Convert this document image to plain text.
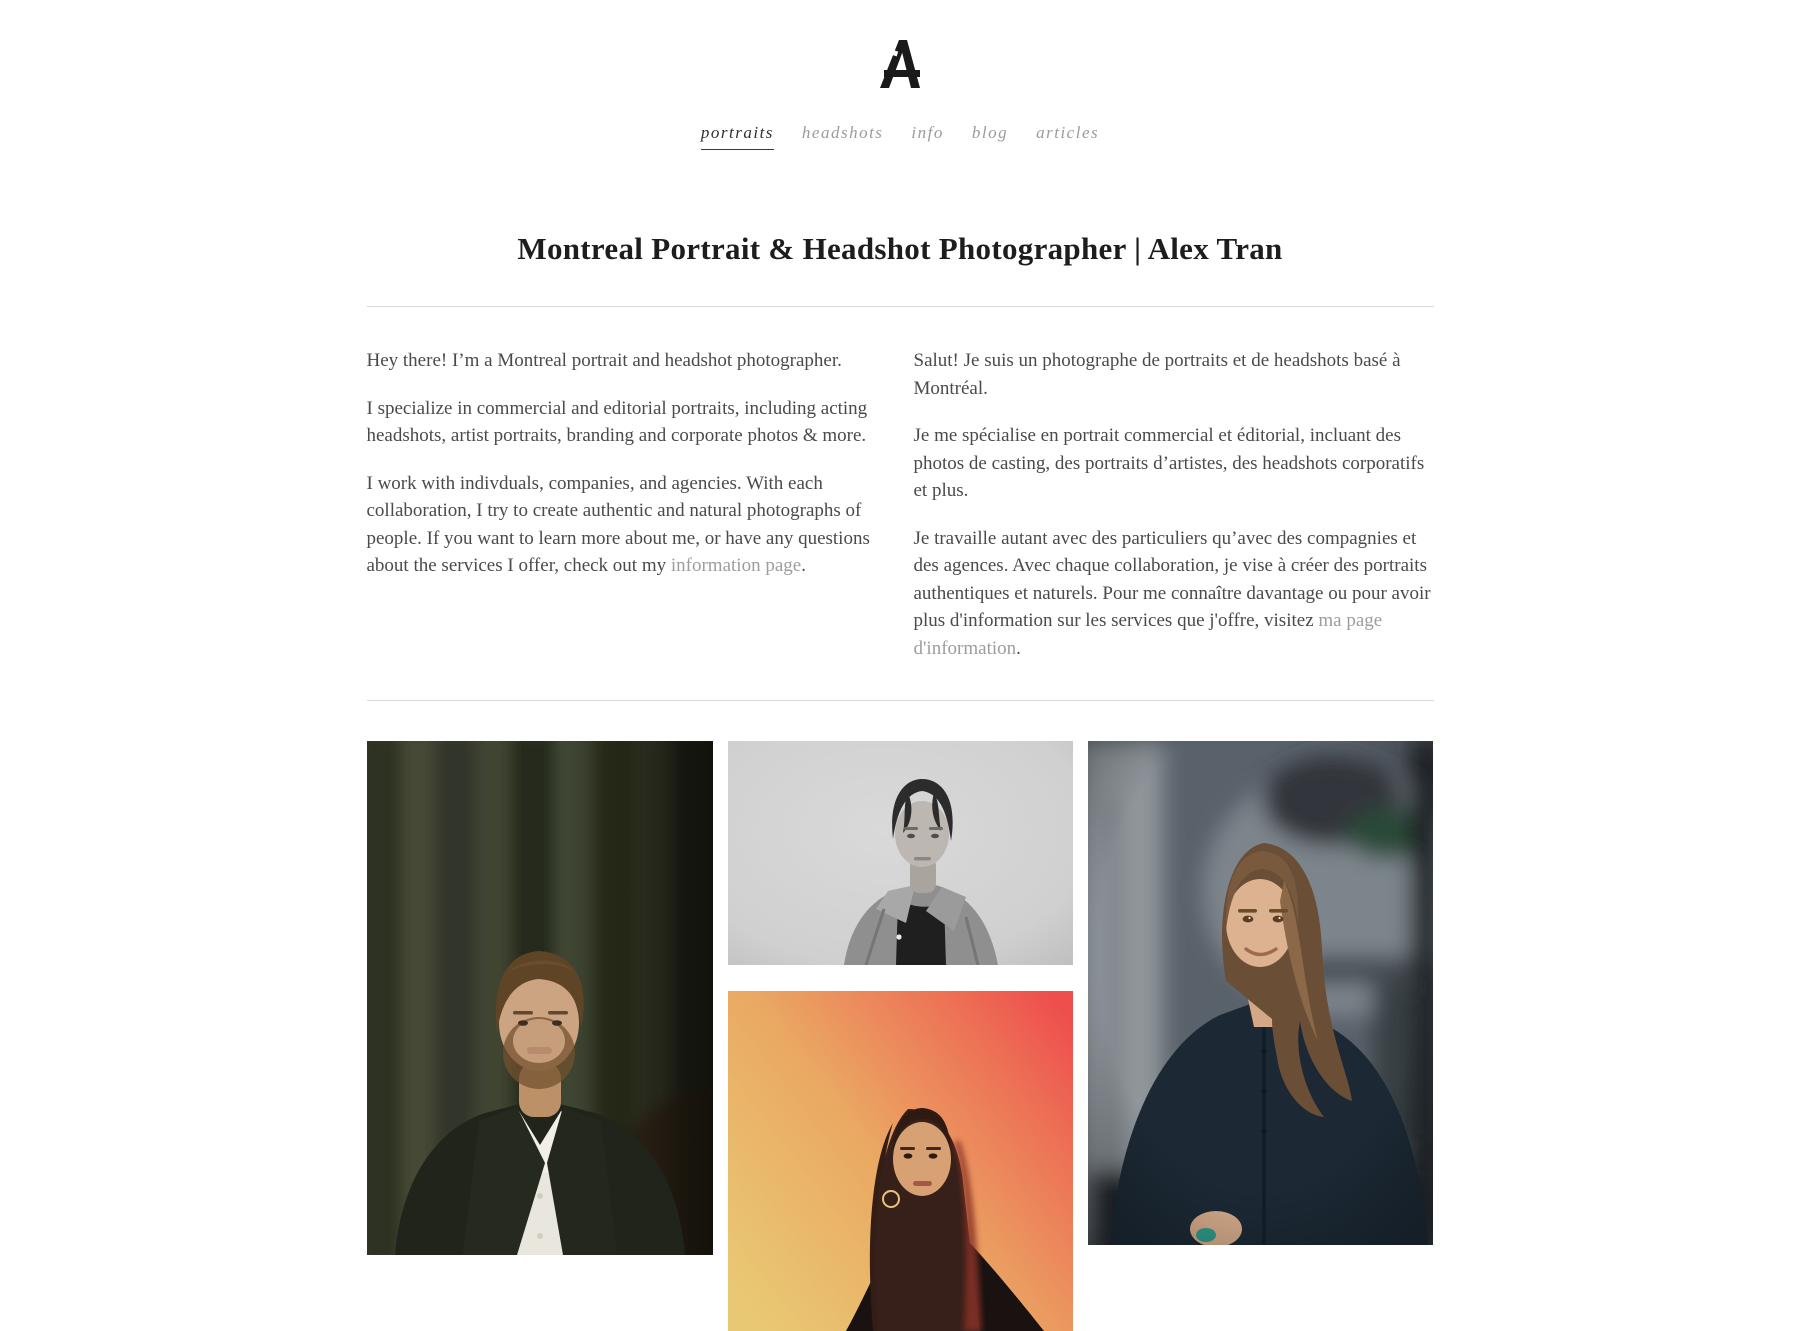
portraits headshots info blog articles
Montreal Portrait & Headshot Photographer | Alex Tran

Hey there! I’m a Montreal portrait and headshot photographer.

I specialize in commercial and editorial portraits, including acting headshots, artist portraits, branding and corporate photos & more.

I work with indivduals, companies, and agencies. With each collaboration, I try to create authentic and natural photographs of people. If you want to learn more about me, or have any questions about the services I offer, check out my information page.

Salut! Je suis un photographe de portraits et de headshots basé à Montréal.

Je me spécialise en portrait commercial et éditorial, incluant des photos de casting, des portraits d’artistes, des headshots corporatifs et plus.

Je travaille autant avec des particuliers qu’avec des compagnies et des agences. Avec chaque collaboration, je vise à créer des portraits authentiques et naturels. Pour me connaître davantage ou pour avoir plus d'information sur les services que j'offre, visitez ma page d'information.
